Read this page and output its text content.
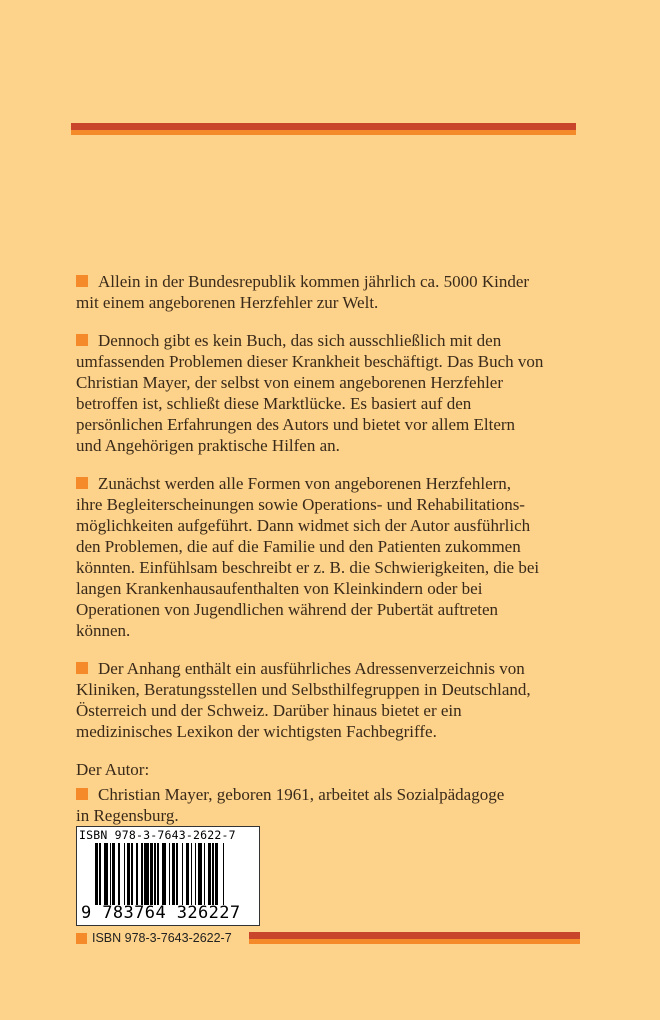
Allein in der Bundesrepublik kommen jährlich ca. 5000 Kinder
mit einem angeborenen Herzfehler zur Welt.
Dennoch gibt es kein Buch, das sich ausschließlich mit den
umfassenden Problemen dieser Krankheit beschäftigt. Das Buch von
Christian Mayer, der selbst von einem angeborenen Herzfehler
betroffen ist, schließt diese Marktlücke. Es basiert auf den
persönlichen Erfahrungen des Autors und bietet vor allem Eltern
und Angehörigen praktische Hilfen an.
Zunächst werden alle Formen von angeborenen Herzfehlern,
ihre Begleiterscheinungen sowie Operations- und Rehabilitations-
möglichkeiten aufgeführt. Dann widmet sich der Autor ausführlich
den Problemen, die auf die Familie und den Patienten zukommen
könnten. Einfühlsam beschreibt er z. B. die Schwierigkeiten, die bei
langen Krankenhausaufenthalten von Kleinkindern oder bei
Operationen von Jugendlichen während der Pubertät auftreten
können.
Der Anhang enthält ein ausführliches Adressenverzeichnis von
Kliniken, Beratungsstellen und Selbsthilfegruppen in Deutschland,
Österreich und der Schweiz. Darüber hinaus bietet er ein
medizinisches Lexikon der wichtigsten Fachbegriffe.
Der Autor:
Christian Mayer, geboren 1961, arbeitet als Sozialpädagoge
in Regensburg.
ISBN 978-3-7643-2622-7
9 783764 326227
ISBN 978-3-7643-2622-7
